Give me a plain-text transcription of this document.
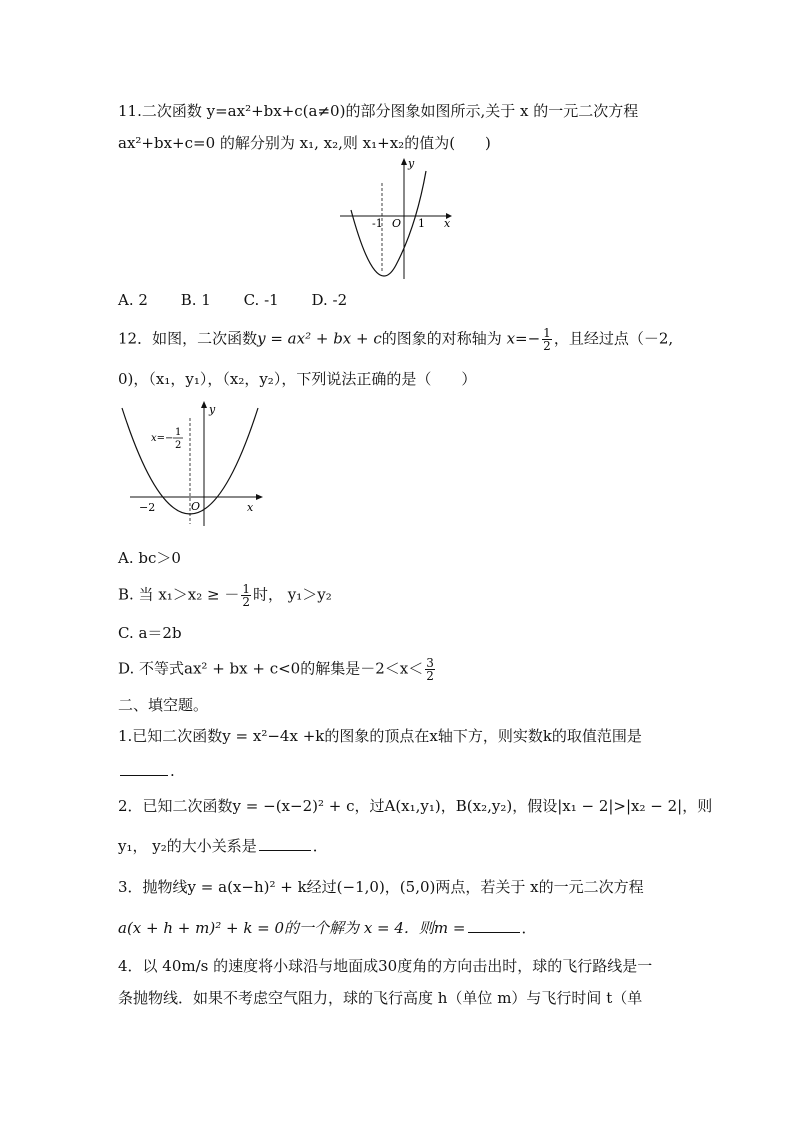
11.二次函数 y=ax²+bx+c(a≠0)的部分图象如图所示,关于 x 的一元二次方程
ax²+bx+c=0 的解分别为 x₁, x₂,则 x₁+x₂的值为(　　)
y
x
O
-1	1
A. 2 B. 1 C. -1 D. -2
12．如图，二次函数y = ax² + bx + c的图象的对称轴为 $x=- \frac{1}{2}$ ，且经过点（－2,
0)，（x₁，y₁），（x₂，y₂），下列说法正确的是（　　）
y
x
O
−2
x=−
1
2
A. bc＞0
B. 当 x₁＞x₂ ≥ － $\frac{1}{2}$ 时， y₁＞y₂
C. a＝2b
D. 不等式ax² + bx + c<0的解集是$-2<x< \frac{3}{2}$
二、填空题。
1.已知二次函数y = x²−4x +k的图象的顶点在x轴下方，则实数k的取值范围是
.
2．已知二次函数y = −(x−2)² + c，过A(x₁,y₁)，B(x₂,y₂)，假设|x₁ − 2|>|x₂ − 2|，则
y₁， y₂的大小关系是	．
3．抛物线y = a(x−h)² + k经过(−1,0)，(5,0)两点，若关于 x的一元二次方程
a(x + h + m)² + k = 0的一个解为 x = 4．则m =	．
4．以 40m/s 的速度将小球沿与地面成30度角的方向击出时，球的飞行路线是一
条抛物线．如果不考虑空气阻力，球的飞行高度 h（单位 m）与飞行时间 t（单
